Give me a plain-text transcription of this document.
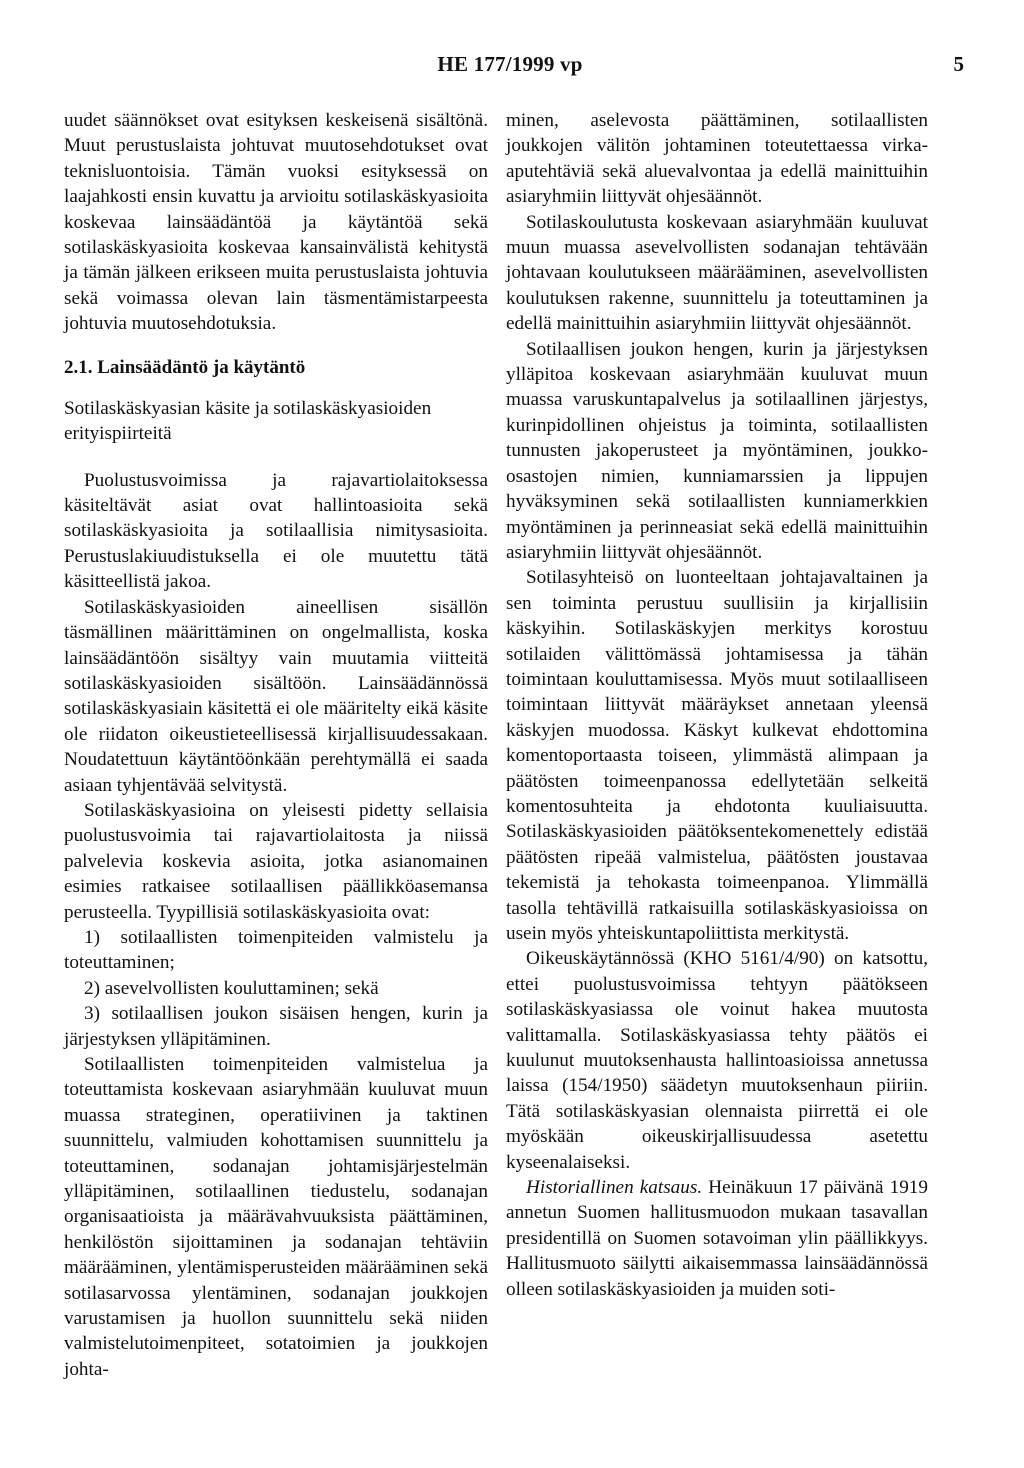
HE 177/1999 vp	5

uudet säännökset ovat esityksen keskeisenä sisältönä. Muut perustuslaista johtuvat muutosehdotukset ovat teknisluontoisia. Tämän vuoksi esityksessä on laajahkosti ensin kuvattu ja arvioitu sotilaskäskyasioita koskevaa lainsäädäntöä ja käytäntöä sekä sotilaskäskyasioita koskevaa kansainvälistä kehitystä ja tämän jälkeen erikseen muita perustuslaista johtuvia sekä voimassa olevan lain täsmentämistarpeesta johtuvia muutosehdotuksia.

2.1. Lainsäädäntö ja käytäntö
Sotilaskäskyasian käsite ja sotilaskäskyasioiden erityispiirteitä

Puolustusvoimissa ja rajavartiolaitoksessa käsiteltävät asiat ovat hallintoasioita sekä sotilaskäskyasioita ja sotilaallisia nimitysasioita. Perustuslakiuudistuksella ei ole muutettu tätä käsitteellistä jakoa.

Sotilaskäskyasioiden aineellisen sisällön täsmällinen määrittäminen on ongelmallista, koska lainsäädäntöön sisältyy vain muutamia viitteitä sotilaskäskyasioiden sisältöön. Lainsäädännössä sotilaskäskyasiain käsitettä ei ole määritelty eikä käsite ole riidaton oikeustieteellisessä kirjallisuudessakaan. Noudatettuun käytäntöönkään perehtymällä ei saada asiaan tyhjentävää selvitystä.

Sotilaskäskyasioina on yleisesti pidetty sellaisia puolustusvoimia tai rajavartiolaitosta ja niissä palvelevia koskevia asioita, jotka asianomainen esimies ratkaisee sotilaallisen päällikköasemansa perusteella. Tyypillisiä sotilaskäskyasioita ovat:

1) sotilaallisten toimenpiteiden valmistelu ja toteuttaminen;

2) asevelvollisten kouluttaminen; sekä

3) sotilaallisen joukon sisäisen hengen, kurin ja järjestyksen ylläpitäminen.

Sotilaallisten toimenpiteiden valmistelua ja toteuttamista koskevaan asiaryhmään kuuluvat muun muassa strateginen, operatiivinen ja taktinen suunnittelu, valmiuden kohottamisen suunnittelu ja toteuttaminen, sodanajan johtamisjärjestelmän ylläpitäminen, sotilaallinen tiedustelu, sodanajan organisaatioista ja määrävahvuuksista päättäminen, henkilöstön sijoittaminen ja sodanajan tehtäviin määrääminen, ylentämisperusteiden määrääminen sekä sotilasarvossa ylentäminen, sodanajan joukkojen varustamisen ja huollon suunnittelu sekä niiden valmistelutoimenpiteet, sotatoimien ja joukkojen johta-

minen, aselevosta päättäminen, sotilaallisten joukkojen välitön johtaminen toteutettaessa virka-aputehtäviä sekä aluevalvontaa ja edellä mainittuihin asiaryhmiin liittyvät ohjesäännöt.

Sotilaskoulutusta koskevaan asiaryhmään kuuluvat muun muassa asevelvollisten sodanajan tehtävään johtavaan koulutukseen määrääminen, asevelvollisten koulutuksen rakenne, suunnittelu ja toteuttaminen ja edellä mainittuihin asiaryhmiin liittyvät ohjesäännöt.

Sotilaallisen joukon hengen, kurin ja järjestyksen ylläpitoa koskevaan asiaryhmään kuuluvat muun muassa varuskuntapalvelus ja sotilaallinen järjestys, kurinpidollinen ohjeistus ja toiminta, sotilaallisten tunnusten jakoperusteet ja myöntäminen, joukko-osastojen nimien, kunniamarssien ja lippujen hyväksyminen sekä sotilaallisten kunniamerkkien myöntäminen ja perinneasiat sekä edellä mainittuihin asiaryhmiin liittyvät ohjesäännöt.

Sotilasyhteisö on luonteeltaan johtajavaltainen ja sen toiminta perustuu suullisiin ja kirjallisiin käskyihin. Sotilaskäskyjen merkitys korostuu sotilaiden välittömässä johtamisessa ja tähän toimintaan kouluttamisessa. Myös muut sotilaalliseen toimintaan liittyvät määräykset annetaan yleensä käskyjen muodossa. Käskyt kulkevat ehdottomina komentoportaasta toiseen, ylimmästä alimpaan ja päätösten toimeenpanossa edellytetään selkeitä komentosuhteita ja ehdotonta kuuliaisuutta. Sotilaskäskyasioiden päätöksentekomenettely edistää päätösten ripeää valmistelua, päätösten joustavaa tekemistä ja tehokasta toimeenpanoa. Ylimmällä tasolla tehtävillä ratkaisuilla sotilaskäskyasioissa on usein myös yhteiskuntapoliittista merkitystä.

Oikeuskäytännössä (KHO 5161/4/90) on katsottu, ettei puolustusvoimissa tehtyyn päätökseen sotilaskäskyasiassa ole voinut hakea muutosta valittamalla. Sotilaskäskyasiassa tehty päätös ei kuulunut muutoksenhausta hallintoasioissa annetussa laissa (154/1950) säädetyn muutoksenhaun piiriin. Tätä sotilaskäskyasian olennaista piirrettä ei ole myöskään oikeuskirjallisuudessa asetettu kyseenalaiseksi.

Historiallinen katsaus. Heinäkuun 17 päivänä 1919 annetun Suomen hallitusmuodon mukaan tasavallan presidentillä on Suomen sotavoiman ylin päällikkyys. Hallitusmuoto säilytti aikaisemmassa lainsäädännössä olleen sotilaskäskyasioiden ja muiden soti-
